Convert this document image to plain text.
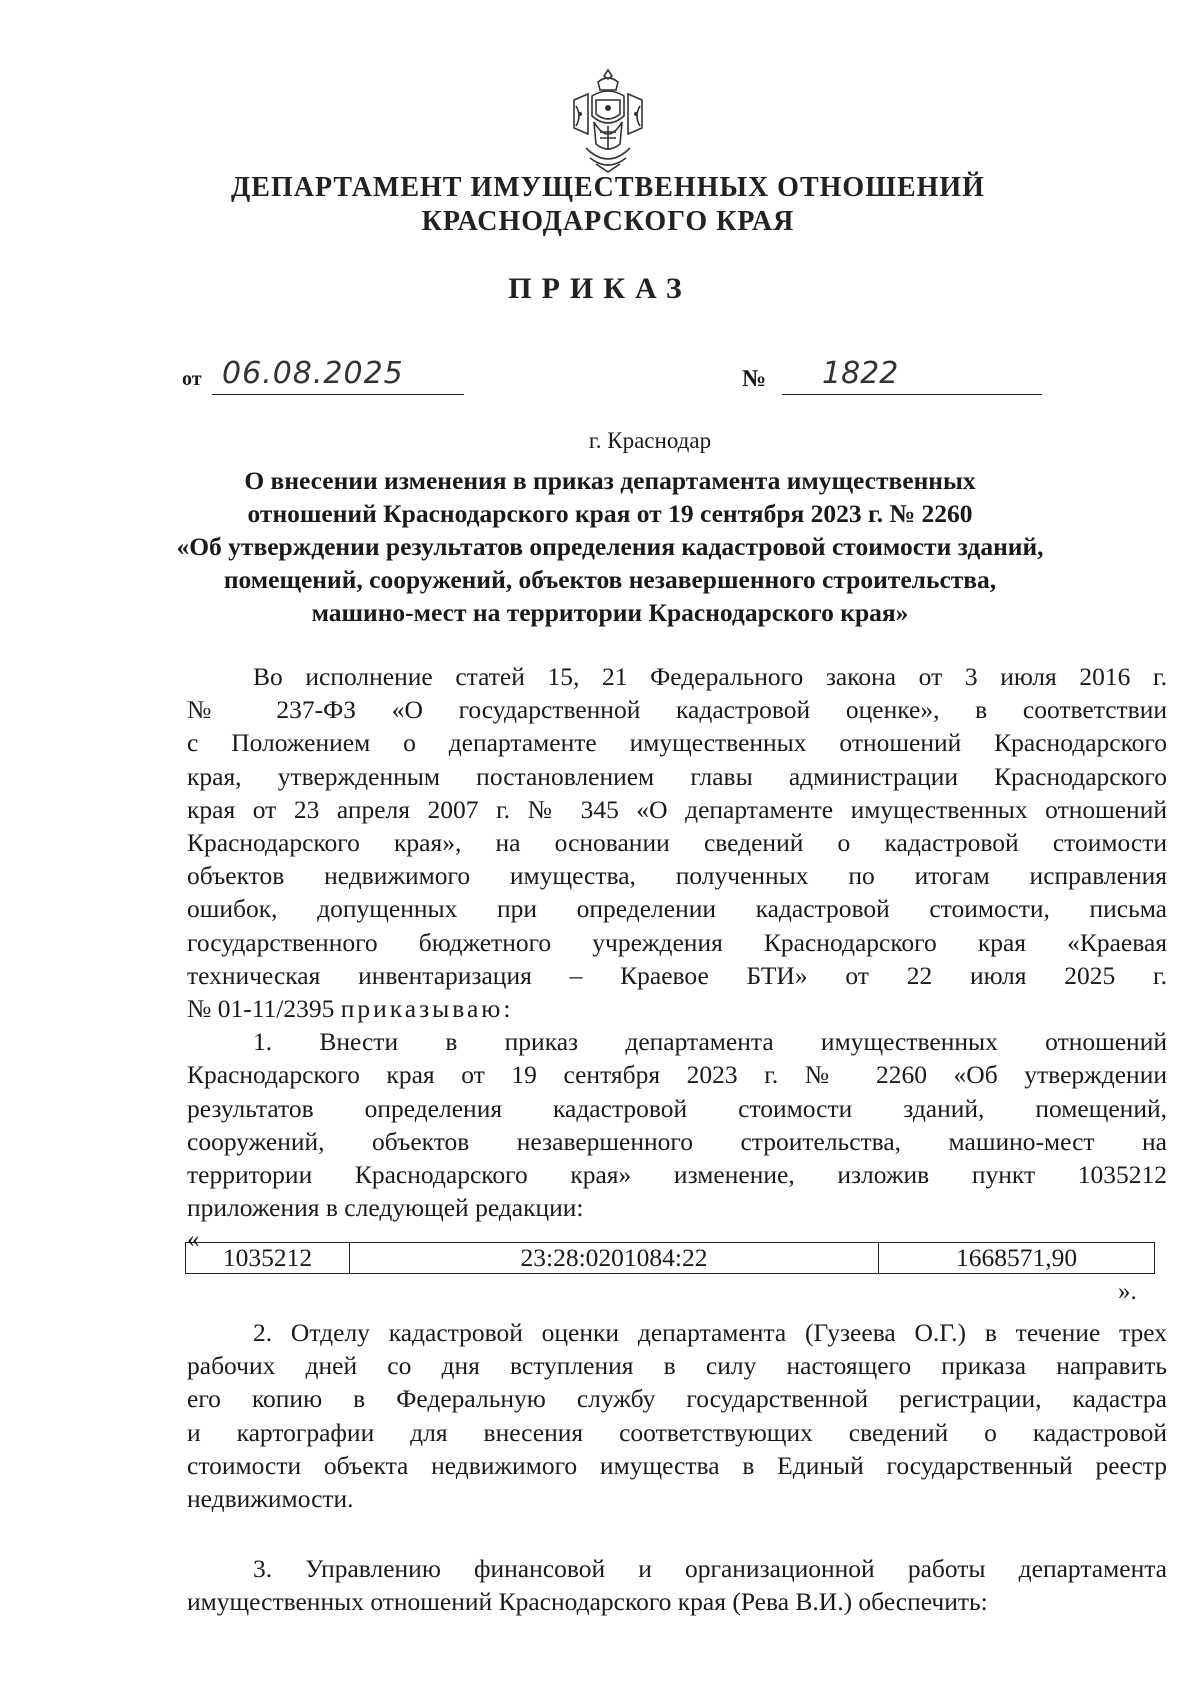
ДЕПАРТАМЕНТ ИМУЩЕСТВЕННЫХ ОТНОШЕНИЙ
КРАСНОДАРСКОГО КРАЯ
ПРИКАЗ
от 06.08.2025	№ 1822
г. Краснодар
О внесении изменения в приказ департамента имущественных
отношений Краснодарского края от 19 сентября 2023 г. № 2260
«Об утверждении результатов определения кадастровой стоимости зданий,
помещений, сооружений, объектов незавершенного строительства,
машино-мест на территории Краснодарского края»
Во исполнение статей 15, 21 Федерального закона от 3 июля 2016 г.
№ 237-ФЗ «О государственной кадастровой оценке», в соответствии
с Положением о департаменте имущественных отношений Краснодарского
края, утвержденным постановлением главы администрации Краснодарского
края от 23 апреля 2007 г. № 345 «О департаменте имущественных отношений
Краснодарского края», на основании сведений о кадастровой стоимости
объектов недвижимого имущества, полученных по итогам исправления
ошибок, допущенных при определении кадастровой стоимости, письма
государственного бюджетного учреждения Краснодарского края «Краевая
техническая инвентаризация – Краевое БТИ» от 22 июля 2025 г.
№ 01-11/2395 приказываю:
1. Внести в приказ департамента имущественных отношений
Краснодарского края от 19 сентября 2023 г. № 2260 «Об утверждении
результатов определения кадастровой стоимости зданий, помещений,
сооружений, объектов незавершенного строительства, машино-мест на
территории Краснодарского края» изменение, изложив пункт 1035212
приложения в следующей редакции:
«
1035212	23:28:0201084:22	1668571,90
».
2. Отделу кадастровой оценки департамента (Гузеева О.Г.) в течение трех
рабочих дней со дня вступления в силу настоящего приказа направить
его копию в Федеральную службу государственной регистрации, кадастра
и картографии для внесения соответствующих сведений о кадастровой
стоимости объекта недвижимого имущества в Единый государственный реестр
недвижимости.
3. Управлению финансовой и организационной работы департамента
имущественных отношений Краснодарского края (Рева В.И.) обеспечить:
